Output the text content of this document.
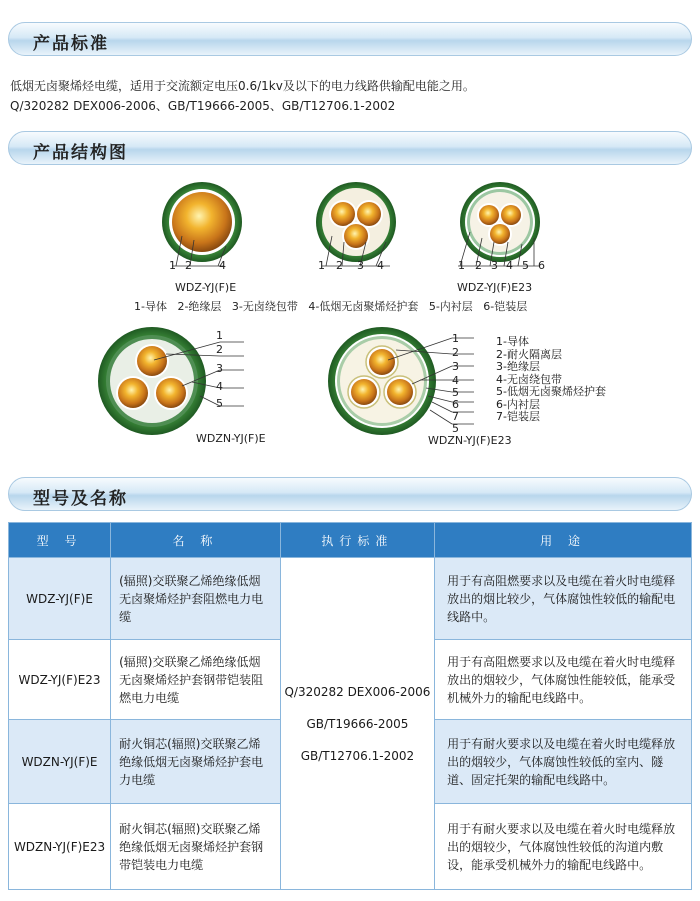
产品标准
低烟无卤聚烯烃电缆，适用于交流额定电压0.6/1kv及以下的电力线路供输配电能之用。
Q/320282 DEX006-2006、GB/T19666-2005、GB/T12706.1-2002
产品结构图
1 2 4
WDZ-YJ(F)E
1 2 3 4	1 2 3 4 5 6
WDZ-YJ(F)E23
1-导体   2-绝缘层   3-无卤绕包带   4-低烟无卤聚烯烃护套   5-内衬层   6-铠装层
1
2
3
4
5
WDZN-YJ(F)E
1
2
3
4
5
6
7
5
WDZN-YJ(F)E23
1-导体
2-耐火隔离层
3-绝缘层
4-无卤绕包带
5-低烟无卤聚烯烃护套
6-内衬层
7-铠装层
型号及名称
型 号	名 称	执行标准	用 途
WDZ-YJ(F)E	(辐照)交联聚乙烯绝缘低烟无卤聚烯烃护套阻燃电力电缆	Q/320282 DEX006-2006
GB/T19666-2005
GB/T12706.1-2002	用于有高阻燃要求以及电缆在着火时电缆释放出的烟比较少，气体腐蚀性较低的输配电线路中。
WDZ-YJ(F)E23	(辐照)交联聚乙烯绝缘低烟无卤聚烯烃护套钢带铠装阻燃电力电缆		用于有高阻燃要求以及电缆在着火时电缆释放出的烟较少，气体腐蚀性能较低，能承受机械外力的输配电线路中。
WDZN-YJ(F)E	耐火铜芯(辐照)交联聚乙烯绝缘低烟无卤聚烯烃护套电力电缆		用于有耐火要求以及电缆在着火时电缆释放出的烟较少，气体腐蚀性较低的室内、隧道、固定托架的输配电线路中。
WDZN-YJ(F)E23	耐火铜芯(辐照)交联聚乙烯绝缘低烟无卤聚烯烃护套钢带铠装电力电缆		用于有耐火要求以及电缆在着火时电缆释放出的烟较少，气体腐蚀性较低的沟道内敷设，能承受机械外力的输配电线路中。
